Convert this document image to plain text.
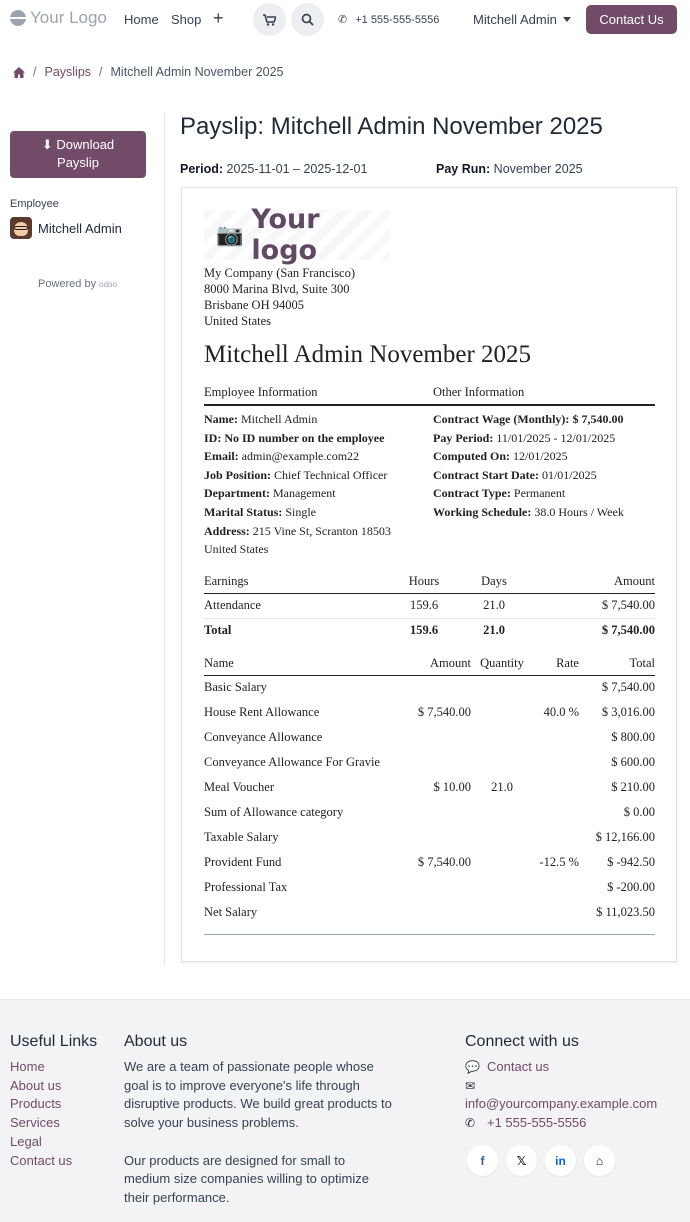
Your Logo Home Shop +	✆ +1 555-555-5556	Mitchell Admin	Contact Us
/ Payslips / Mitchell Admin November 2025
⬇ Download
Payslip
Employee
Mitchell Admin
Powered by odoo
Payslip: Mitchell Admin November 2025
Period: 2025-11-01 – 2025-12-01	Pay Run: November 2025
📷 Your logo
My Company (San Francisco)
8000 Marina Blvd, Suite 300
Brisbane OH 94005
United States
Mitchell Admin November 2025
Employee Information	Other Information
Name: Mitchell Admin
ID: No ID number on the employee
Email: admin@example.com22
Job Position: Chief Technical Officer
Department: Management
Marital Status: Single
Address: 215 Vine St, Scranton 18503
United States
Contract Wage (Monthly): $ 7,540.00
Pay Period: 11/01/2025 - 12/01/2025
Computed On: 12/01/2025
Contract Start Date: 01/01/2025
Contract Type: Permanent
Working Schedule: 38.0 Hours / Week
Earnings	Hours	Days	Amount
Attendance	159.6	21.0	$ 7,540.00
Total	159.6	21.0	$ 7,540.00
Name	Amount	Quantity	Rate	Total
Basic Salary				$ 7,540.00
House Rent Allowance	$ 7,540.00		40.0 %	$ 3,016.00
Conveyance Allowance				$ 800.00
Conveyance Allowance For Gravie				$ 600.00
Meal Voucher	$ 10.00	21.0		$ 210.00
Sum of Allowance category				$ 0.00
Taxable Salary				$ 12,166.00
Provident Fund	$ 7,540.00		-12.5 %	$ -942.50
Professional Tax				$ -200.00
Net Salary				$ 11,023.50
Useful Links About us	Connect with us
Home
About us
Products
Services
Legal
Contact us

We are a team of passionate people whose goal is to improve everyone's life through disruptive products. We build great products to solve your business problems.

Our products are designed for small to medium size companies willing to optimize their performance.

💬 Contact us
✉
info@yourcompany.example.com
✆ +1 555-555-5556
f	𝕏	in	⌂
